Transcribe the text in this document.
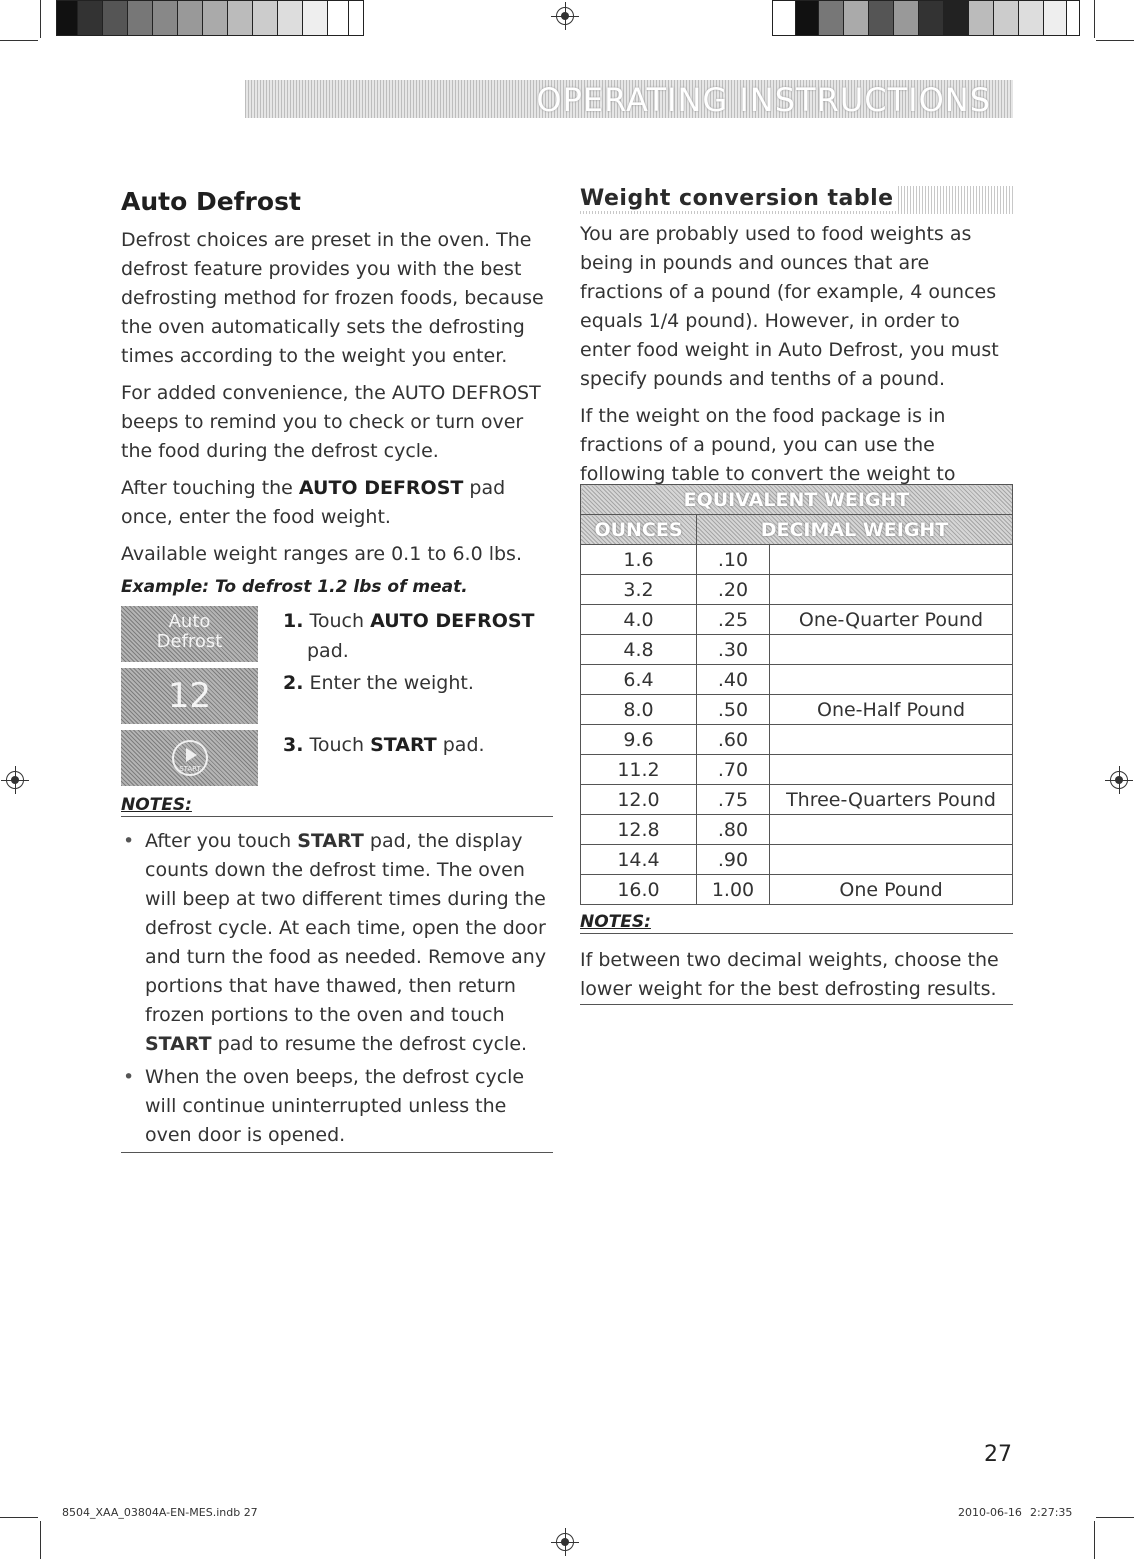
OPERATING INSTRUCTIONS
Auto Defrost

Defrost choices are preset in the oven. The defrost feature provides you with the best defrosting method for frozen foods, because the oven automatically sets the defrosting times according to the weight you enter.

For added convenience, the AUTO DEFROST beeps to remind you to check or turn over the food during the defrost cycle.

After touching the AUTO DEFROST pad once, enter the food weight.

Available weight ranges are 0.1 to 6.0 lbs.

Example: To defrost 1.2 lbs of meat.

Auto
Defrost
1. Touch AUTO DEFROST
pad.
12	2. Enter the weight.
START
3. Touch START pad.
NOTES:
• After you touch START pad, the display counts down the defrost time. The oven will beep at two different times during the defrost cycle. At each time, open the door and turn the food as needed. Remove any portions that have thawed, then return frozen portions to the oven and touch START pad to resume the defrost cycle.
• When the oven beeps, the defrost cycle will continue uninterrupted unless the oven door is opened.
Weight conversion table

You are probably used to food weights as being in pounds and ounces that are fractions of a pound (for example, 4 ounces equals 1/4 pound). However, in order to enter food weight in Auto Defrost, you must specify pounds and tenths of a pound.

If the weight on the food package is in fractions of a pound, you can use the following table to convert the weight to

EQUIVALENT WEIGHT		
OUNCES	DECIMAL WEIGHT	
1.6	.10	
3.2	.20	
4.0	.25	One-Quarter Pound
4.8	.30	
6.4	.40	
8.0	.50	One-Half Pound
9.6	.60	
11.2	.70	
12.0	.75	Three-Quarters Pound
12.8	.80	
14.4	.90	
16.0	1.00	One Pound
NOTES:

If between two decimal weights, choose the lower weight for the best defrosting results.

27
8504_XAA_03804A-EN-MES.indb 27	2010-06-16 2:27:35
